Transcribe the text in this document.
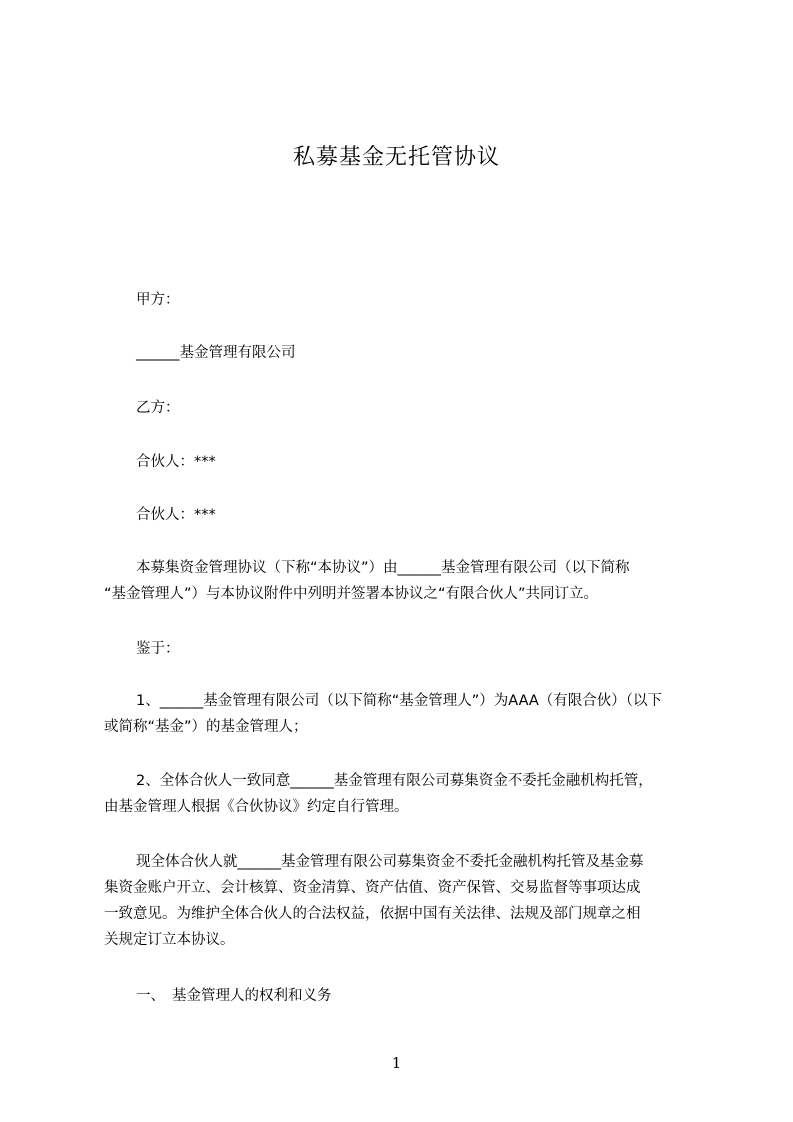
私募基金无托管协议
甲方：
______基金管理有限公司
乙方：
合伙人：***
合伙人：***
本募集资金管理协议（下称“本协议”）由______基金管理有限公司（以下简称
“基金管理人”）与本协议附件中列明并签署本协议之“有限合伙人”共同订立。
鉴于：
1、______基金管理有限公司（以下简称“基金管理人”）为AAA（有限合伙）（以下
或简称“基金”）的基金管理人；
2、全体合伙人一致同意______基金管理有限公司募集资金不委托金融机构托管，
由基金管理人根据《合伙协议》约定自行管理。
现全体合伙人就______基金管理有限公司募集资金不委托金融机构托管及基金募
集资金账户开立、会计核算、资金清算、资产估值、资产保管、交易监督等事项达成
一致意见。为维护全体合伙人的合法权益，依据中国有关法律、法规及部门规章之相
关规定订立本协议。
一、 基金管理人的权利和义务
1
